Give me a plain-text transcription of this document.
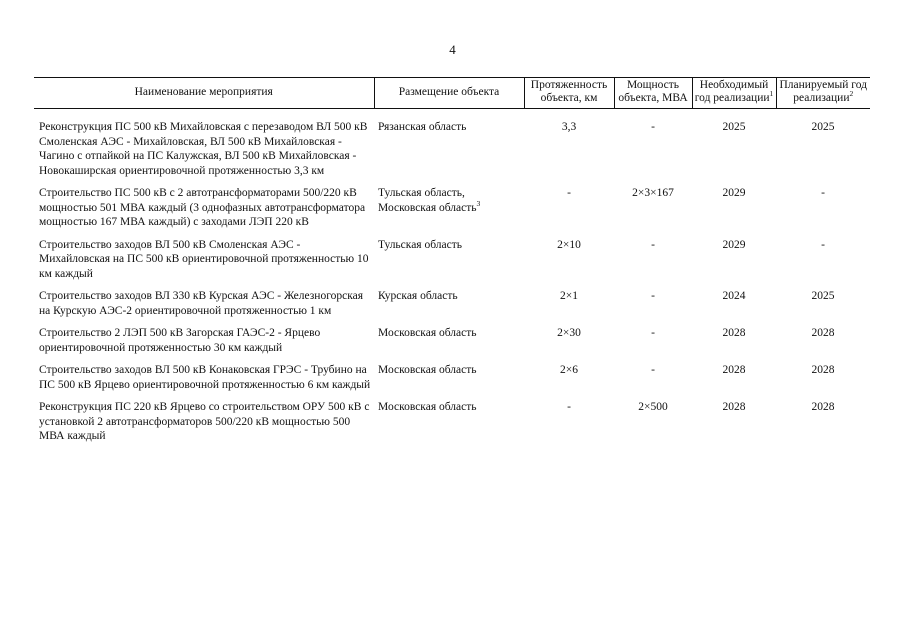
4
Наименование мероприятия	Размещение объекта	Протяженность объекта, км	Мощность объекта, МВА	Необходимый год реализации$^1$	Планируемый год реализации$^2$
Реконструкция ПС 500 кВ Михайловская с перезаводом ВЛ 500 кВ Смоленская АЭС - Михайловская, ВЛ 500 кВ Михайловская - Чагино с отпайкой на ПС Калужская, ВЛ 500 кВ Михайловская - Новокаширская ориентировочной протяженностью 3,3 км	Рязанская область	3,3	-	2025	2025
Строительство ПС 500 кВ с 2 автотрансформаторами 500/220 кВ мощностью 501 МВА каждый (3 однофазных автотрансформатора мощностью 167 МВА каждый) с заходами ЛЭП 220 кВ	Тульская область, Московская область$^3$	-	2×3×167	2029	-
Строительство заходов ВЛ 500 кВ Смоленская АЭС - Михайловская на ПС 500 кВ ориентировочной протяженностью 10 км каждый	Тульская область	2×10	-	2029	-
Строительство заходов ВЛ 330 кВ Курская АЭС - Железногорская на Курскую АЭС-2 ориентировочной протяженностью 1 км	Курская область	2×1	-	2024	2025
Строительство 2 ЛЭП 500 кВ Загорская ГАЭС-2 - Ярцево ориентировочной протяженностью 30 км каждый	Московская область	2×30	-	2028	2028
Строительство заходов ВЛ 500 кВ Конаковская ГРЭС - Трубино на ПС 500 кВ Ярцево ориентировочной протяженностью 6 км каждый	Московская область	2×6	-	2028	2028
Реконструкция ПС 220 кВ Ярцево со строительством ОРУ 500 кВ с установкой 2 автотрансформаторов 500/220 кВ мощностью 500 МВА каждый	Московская область	-	2×500	2028	2028
